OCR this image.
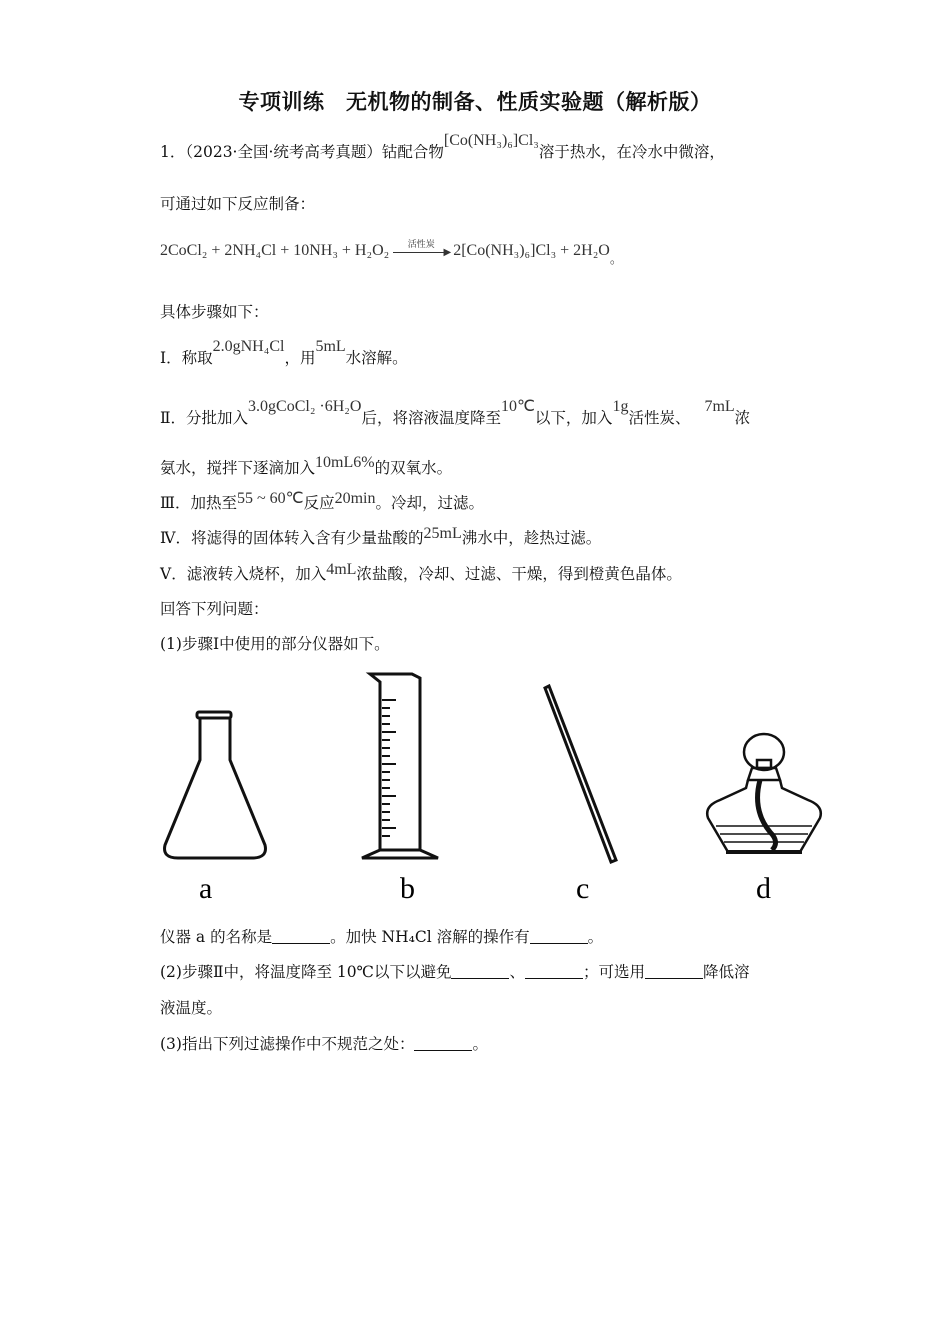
专项训练　无机物的制备、性质实验题（解析版）
1．（2023·全国·统考高考真题）钴配合物[Co(NH₃)₆]Cl₃溶于热水，在冷水中微溶，
可通过如下反应制备：
2CoCl₂ + 2NH₄Cl + 10NH₃ + H₂O₂ $^{活性炭}$
▶ $2[Co(NH_3)_6]Cl_3 + 2H_2O_。$
具体步骤如下：
Ⅰ．称取2.0gNH₄Cl，用5mL水溶解。
Ⅱ．分批加入3.0gCoCl₂ ·6H₂O后，将溶液温度降至10℃以下，加入1g活性炭、7mL浓
氨水，搅拌下逐滴加入10mL6%的双氧水。
Ⅲ．加热至55 ~ 60℃反应20min。冷却，过滤。
Ⅳ．将滤得的固体转入含有少量盐酸的25mL沸水中，趁热过滤。
Ⅴ．滤液转入烧杯，加入4mL浓盐酸，冷却、过滤、干燥，得到橙黄色晶体。
回答下列问题：
(1)步骤Ⅰ中使用的部分仪器如下。
a	b	c	d
仪器 a 的名称是	。加快 NH₄Cl 溶解的操作有	。
(2)步骤Ⅱ中，将温度降至 10℃以下以避免	、	；可选用	降低溶
液温度。
(3)指出下列过滤操作中不规范之处：	。
